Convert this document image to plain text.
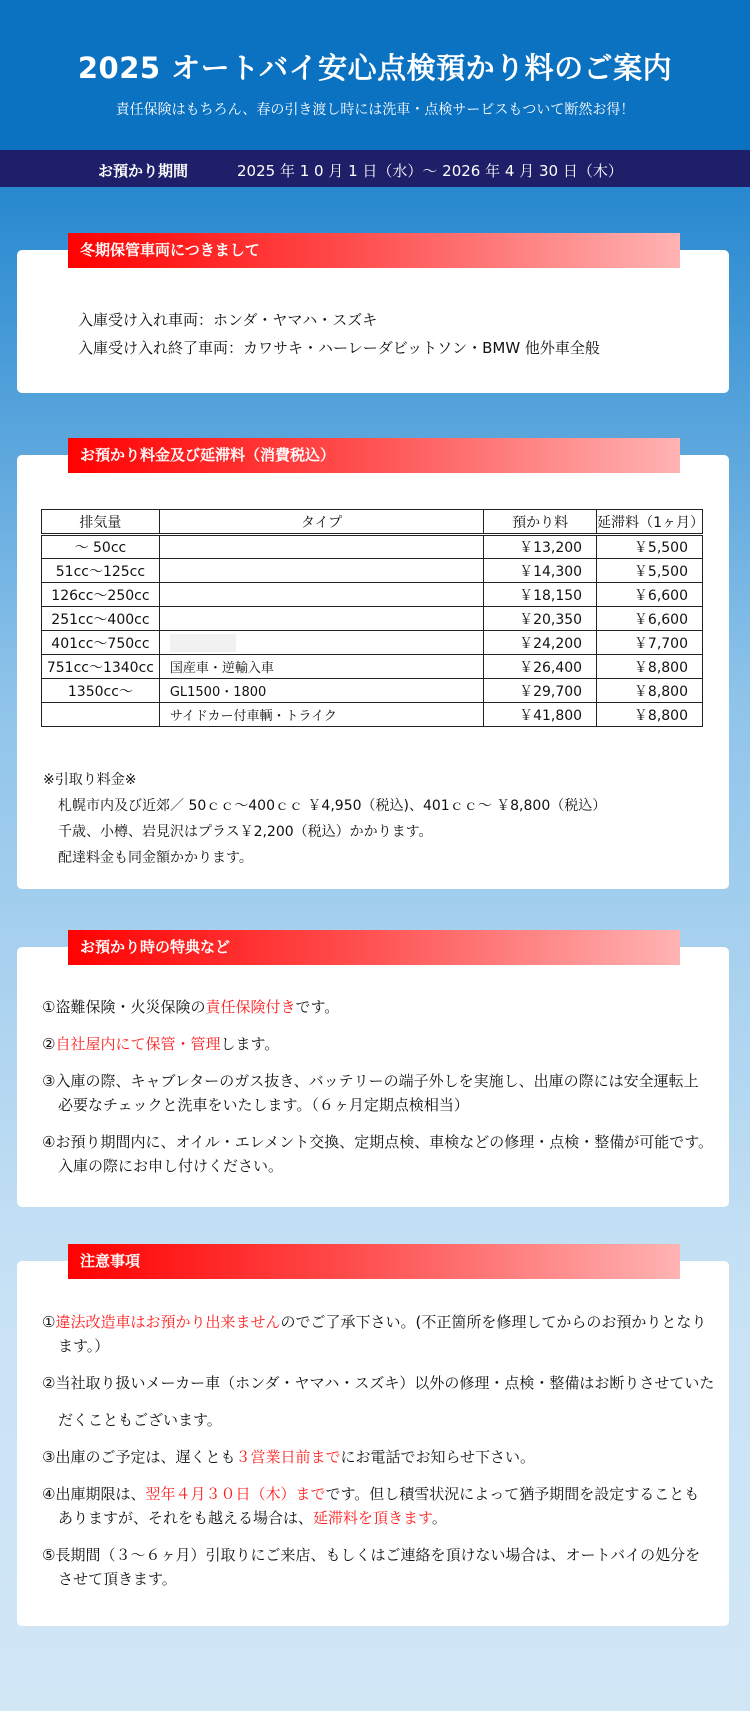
2025 オートバイ安心点検預かり料のご案内
責任保険はもちろん、春の引き渡し時には洗車・点検サービスもついて断然お得！
お預かり期間	2025 年 1 0 月 1 日（水）～ 2026 年 4 月 30 日（木）
冬期保管車両につきまして
入庫受け入れ車両：ホンダ・ヤマハ・スズキ
入庫受け入れ終了車両：カワサキ・ハーレーダビットソン・BMW 他外車全般
お預かり料金及び延滞料（消費税込）
排気量	タイプ	預かり料	延滞料（1ヶ月）
～ 50cc		￥13,200	￥5,500
51cc～125cc		￥14,300	￥5,500
126cc～250cc		￥18,150	￥6,600
251cc～400cc		￥20,350	￥6,600
401cc～750cc		￥24,200	￥7,700
751cc～1340cc	国産車・逆輸入車	￥26,400	￥8,800
1350cc～	GL1500・1800	￥29,700	￥8,800
	サイドカー付車輌・トライク	￥41,800	￥8,800
※引取り料金※
札幌市内及び近郊／ 50ｃｃ～400ｃｃ ￥4,950（税込)、401ｃｃ～ ￥8,800（税込）
千歳、小樽、岩見沢はプラス￥2,200（税込）かかります。
配達料金も同金額かかります。
お預かり時の特典など
①盗難保険・火災保険の責任保険付きです。
②自社屋内にて保管・管理します。
③入庫の際、キャブレターのガス抜き、バッテリーの端子外しを実施し、出庫の際には安全運転上
必要なチェックと洗車をいたします。（６ヶ月定期点検相当）
④お預り期間内に、オイル・エレメント交換、定期点検、車検などの修理・点検・整備が可能です。
入庫の際にお申し付けください。
注意事項
①違法改造車はお預かり出来ませんのでご了承下さい。(不正箇所を修理してからのお預かりとなり
ます。）
②当社取り扱いメーカー車（ホンダ・ヤマハ・スズキ）以外の修理・点検・整備はお断りさせていた
だくこともございます。
③出庫のご予定は、遅くとも３営業日前までにお電話でお知らせ下さい。
④出庫期限は、翌年４月３０日（木）までです。但し積雪状況によって猶予期間を設定することも
ありますが、それをも越える場合は、延滞料を頂きます。
⑤長期間（３～６ヶ月）引取りにご来店、もしくはご連絡を頂けない場合は、オートバイの処分を
させて頂きます。
